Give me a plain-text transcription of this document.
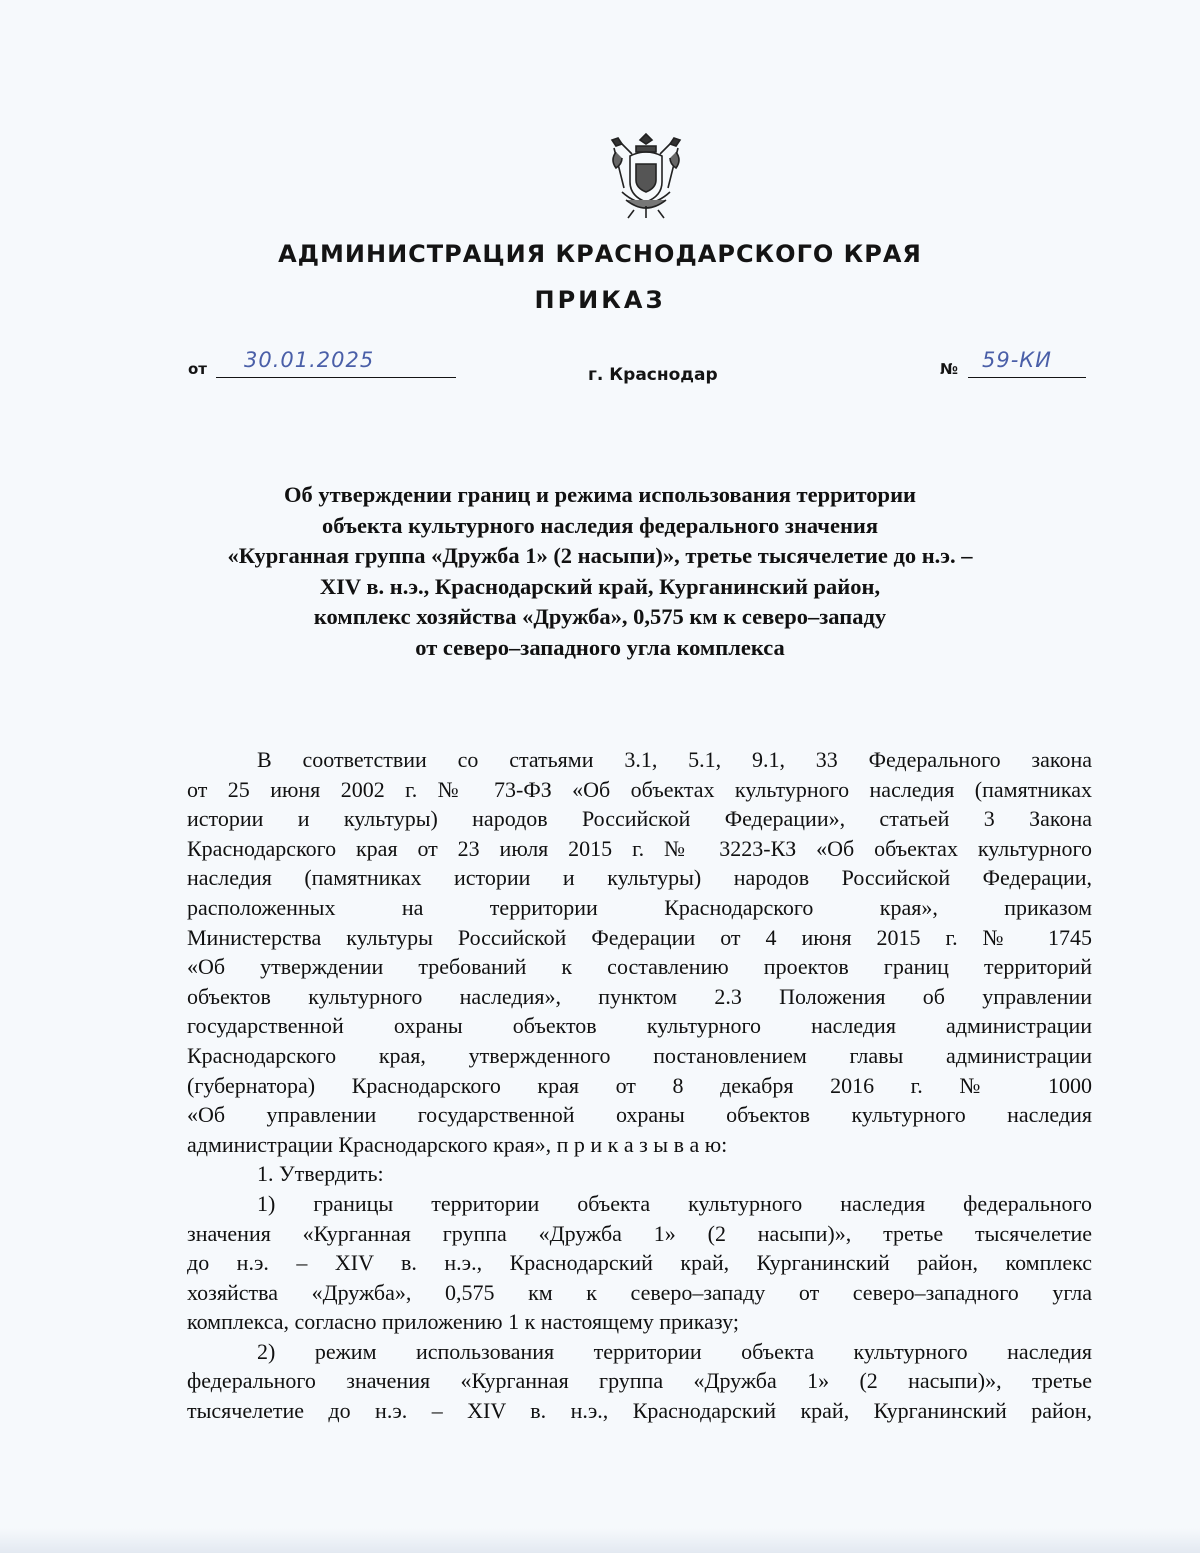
АДМИНИСТРАЦИЯ КРАСНОДАРСКОГО КРАЯ
ПРИКАЗ
от 30.01.2025	№ 59-КИ
г. Краснодар
Об утверждении границ и режима использования территории
объекта культурного наследия федерального значения
«Курганная группа «Дружба 1» (2 насыпи)», третье тысячелетие до н.э. –
XIV в. н.э., Краснодарский край, Курганинский район,
комплекс хозяйства «Дружба», 0,575 км к северо–западу
от северо–западного угла комплекса
В соответствии со статьями 3.1, 5.1, 9.1, 33 Федерального закона
от 25 июня 2002 г. № 73-ФЗ «Об объектах культурного наследия (памятниках
истории и культуры) народов Российской Федерации», статьей 3 Закона
Краснодарского края от 23 июля 2015 г. № 3223-КЗ «Об объектах культурного
наследия (памятниках истории и культуры) народов Российской Федерации,
расположенных на территории Краснодарского края», приказом
Министерства культуры Российской Федерации от 4 июня 2015 г. № 1745
«Об утверждении требований к составлению проектов границ территорий
объектов культурного наследия», пунктом 2.3 Положения об управлении
государственной охраны объектов культурного наследия администрации
Краснодарского края, утвержденного постановлением главы администрации
(губернатора) Краснодарского края от 8 декабря 2016 г. № 1000
«Об управлении государственной охраны объектов культурного наследия
администрации Краснодарского края», п р и к а з ы в а ю:
1. Утвердить:
1) границы территории объекта культурного наследия федерального
значения «Курганная группа «Дружба 1» (2 насыпи)», третье тысячелетие
до н.э. – XIV в. н.э., Краснодарский край, Курганинский район, комплекс
хозяйства «Дружба», 0,575 км к северо–западу от северо–западного угла
комплекса, согласно приложению 1 к настоящему приказу;
2) режим использования территории объекта культурного наследия
федерального значения «Курганная группа «Дружба 1» (2 насыпи)», третье
тысячелетие до н.э. – XIV в. н.э., Краснодарский край, Курганинский район,
